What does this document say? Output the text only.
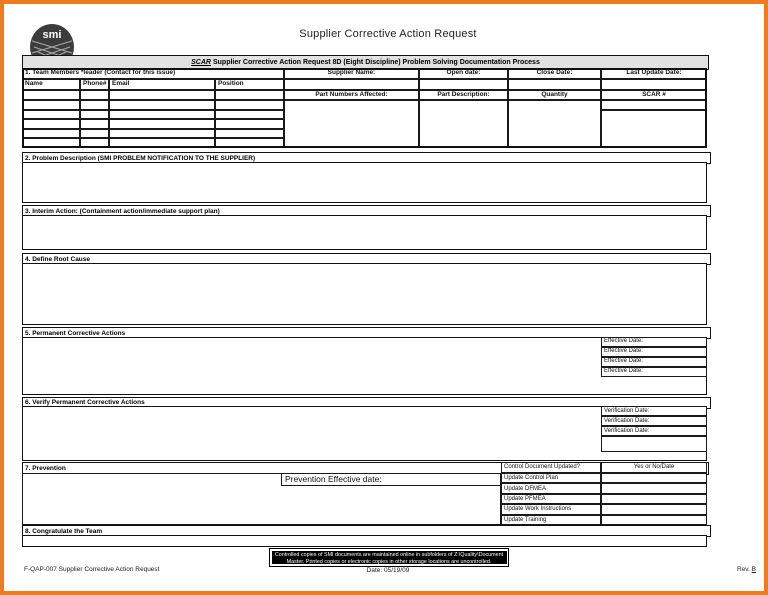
smi	Supplier Corrective Action Request
SCAR Supplier Corrective Action Request 8D (Eight Discipline) Problem Solving Documentation Process
1. Team Members *leader (Contact for this issue)	Supplier Name:	Open date:	Close Date:	Last Update Date:
Name	Phone# Email	Position
Part Numbers Affected:	Part Description:	Quantity	SCAR #
2. Problem Description (SMI PROBLEM NOTIFICATION TO THE SUPPLIER)
3. Interim Action: (Containment action/immediate support plan)
4. Define Root Cause
5. Permanent Corrective Actions
Effective Date:
Effective Date:
Effective Date:
Effective Date:
6. Verify Permanent Corrective Actions
Verification Date:
Verification Date:
Verification Date:
7. Prevention	Control Document Updated?	Yes or No/Date
Prevention Effective date:	Update Control Plan
Update DFMEA
Update PFMEA
Update Work Instructions
Update Training
8. Congratulate the Team
Controlled copies of SMI documents are maintained online in subfolders of Z:\Quality\Document Master. Printed copies or electronic copies in other storage locations are uncontrolled.
F-QAP-007 Supplier Corrective Action Request	Date: 05/19/09	Rev. B
